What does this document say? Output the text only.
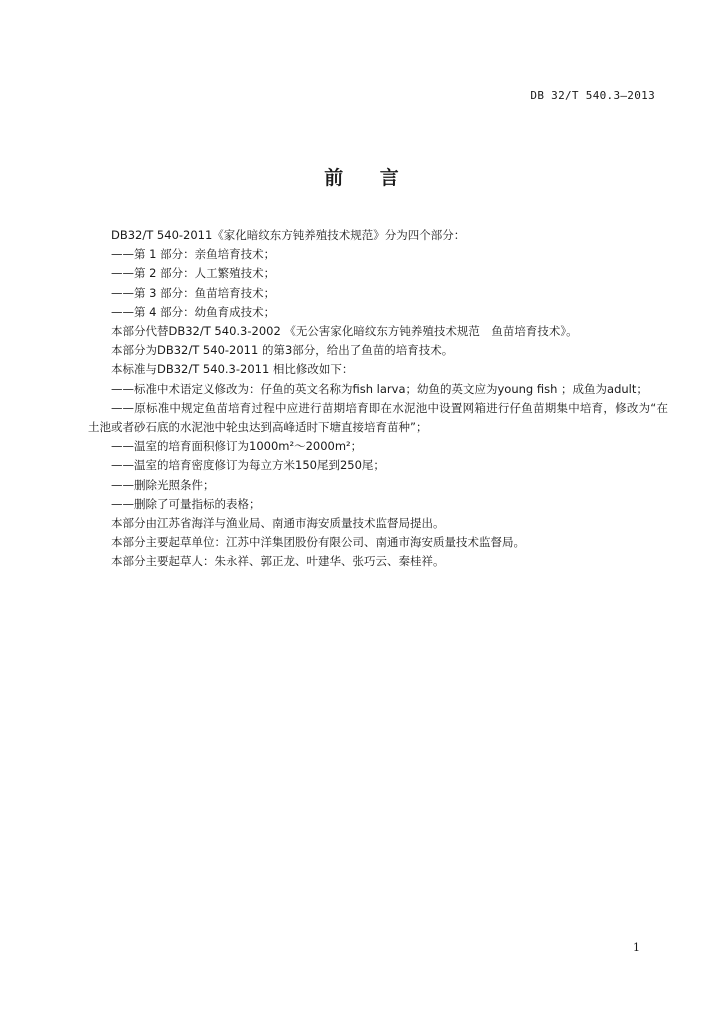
DB 32/T 540.3—2013
前 言

DB32/T 540-2011《家化暗纹东方钝养殖技术规范》分为四个部分：

——第 1 部分：亲鱼培育技术；

——第 2 部分：人工繁殖技术；

——第 3 部分：鱼苗培育技术；

——第 4 部分：幼鱼育成技术；

本部分代替DB32/T 540.3-2002 《无公害家化暗纹东方钝养殖技术规范　鱼苗培育技术》。

本部分为DB32/T 540-2011 的第3部分，给出了鱼苗的培育技术。

本标准与DB32/T 540.3-2011 相比修改如下：

——标准中术语定义修改为：仔鱼的英文名称为fish larva；幼鱼的英文应为young fish ；成鱼为adult；

——原标准中规定鱼苗培育过程中应进行苗期培育即在水泥池中设置网箱进行仔鱼苗期集中培育，修改为“在土池或者砂石底的水泥池中轮虫达到高峰适时下塘直接培育苗种”；

——温室的培育面积修订为1000m²～2000m²；

——温室的培育密度修订为每立方米150尾到250尾；

——删除光照条件；

——删除了可量指标的表格；

本部分由江苏省海洋与渔业局、南通市海安质量技术监督局提出。

本部分主要起草单位：江苏中洋集团股份有限公司、南通市海安质量技术监督局。

本部分主要起草人：朱永祥、郭正龙、叶建华、张巧云、秦桂祥。

1
